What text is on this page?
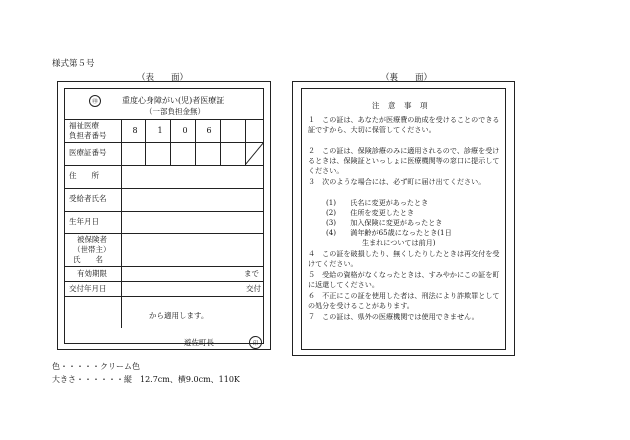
様式第５号
（表　　面）
㊞	重度心身障がい(児)者医療証
（一部負担金無）
福祉医療
負担者番号
8	1	0	6
医療証番号
住　　所
受給者氏名
生年月日
被保険者
（世帯主）
氏　　名
有効期限	まで
交付年月日	交付
から適用します。
遊佐町長	印
（裏　　面）
注　意　事　項
１　この証は、あなたが医療費の助成を受けることのできる証ですから、大切に保管してください。
２　この証は、保険診療のみに適用されるので、診療を受けるときは、保険証といっしょに医療機関等の窓口に提示してください。
３　次のような場合には、必ず町に届け出てください。
(1)　　氏名に変更があったとき
(2)　　住所を変更したとき
(3)　　加入保険に変更があったとき
(4)　　満年齢が65歳になったとき(1日
生まれについては前月)
４　この証を破損したり、無くしたりしたときは再交付を受けてください。
５　受給の資格がなくなったときは、すみやかにこの証を町に返還してください。
６　不正にこの証を使用した者は、刑法により詐欺罪としての処分を受けることがあります。
７　この証は、県外の医療機関では使用できません。
色・・・・・クリーム色
大きさ・・・・・・縦　12.7cm、横9.0cm、110K
